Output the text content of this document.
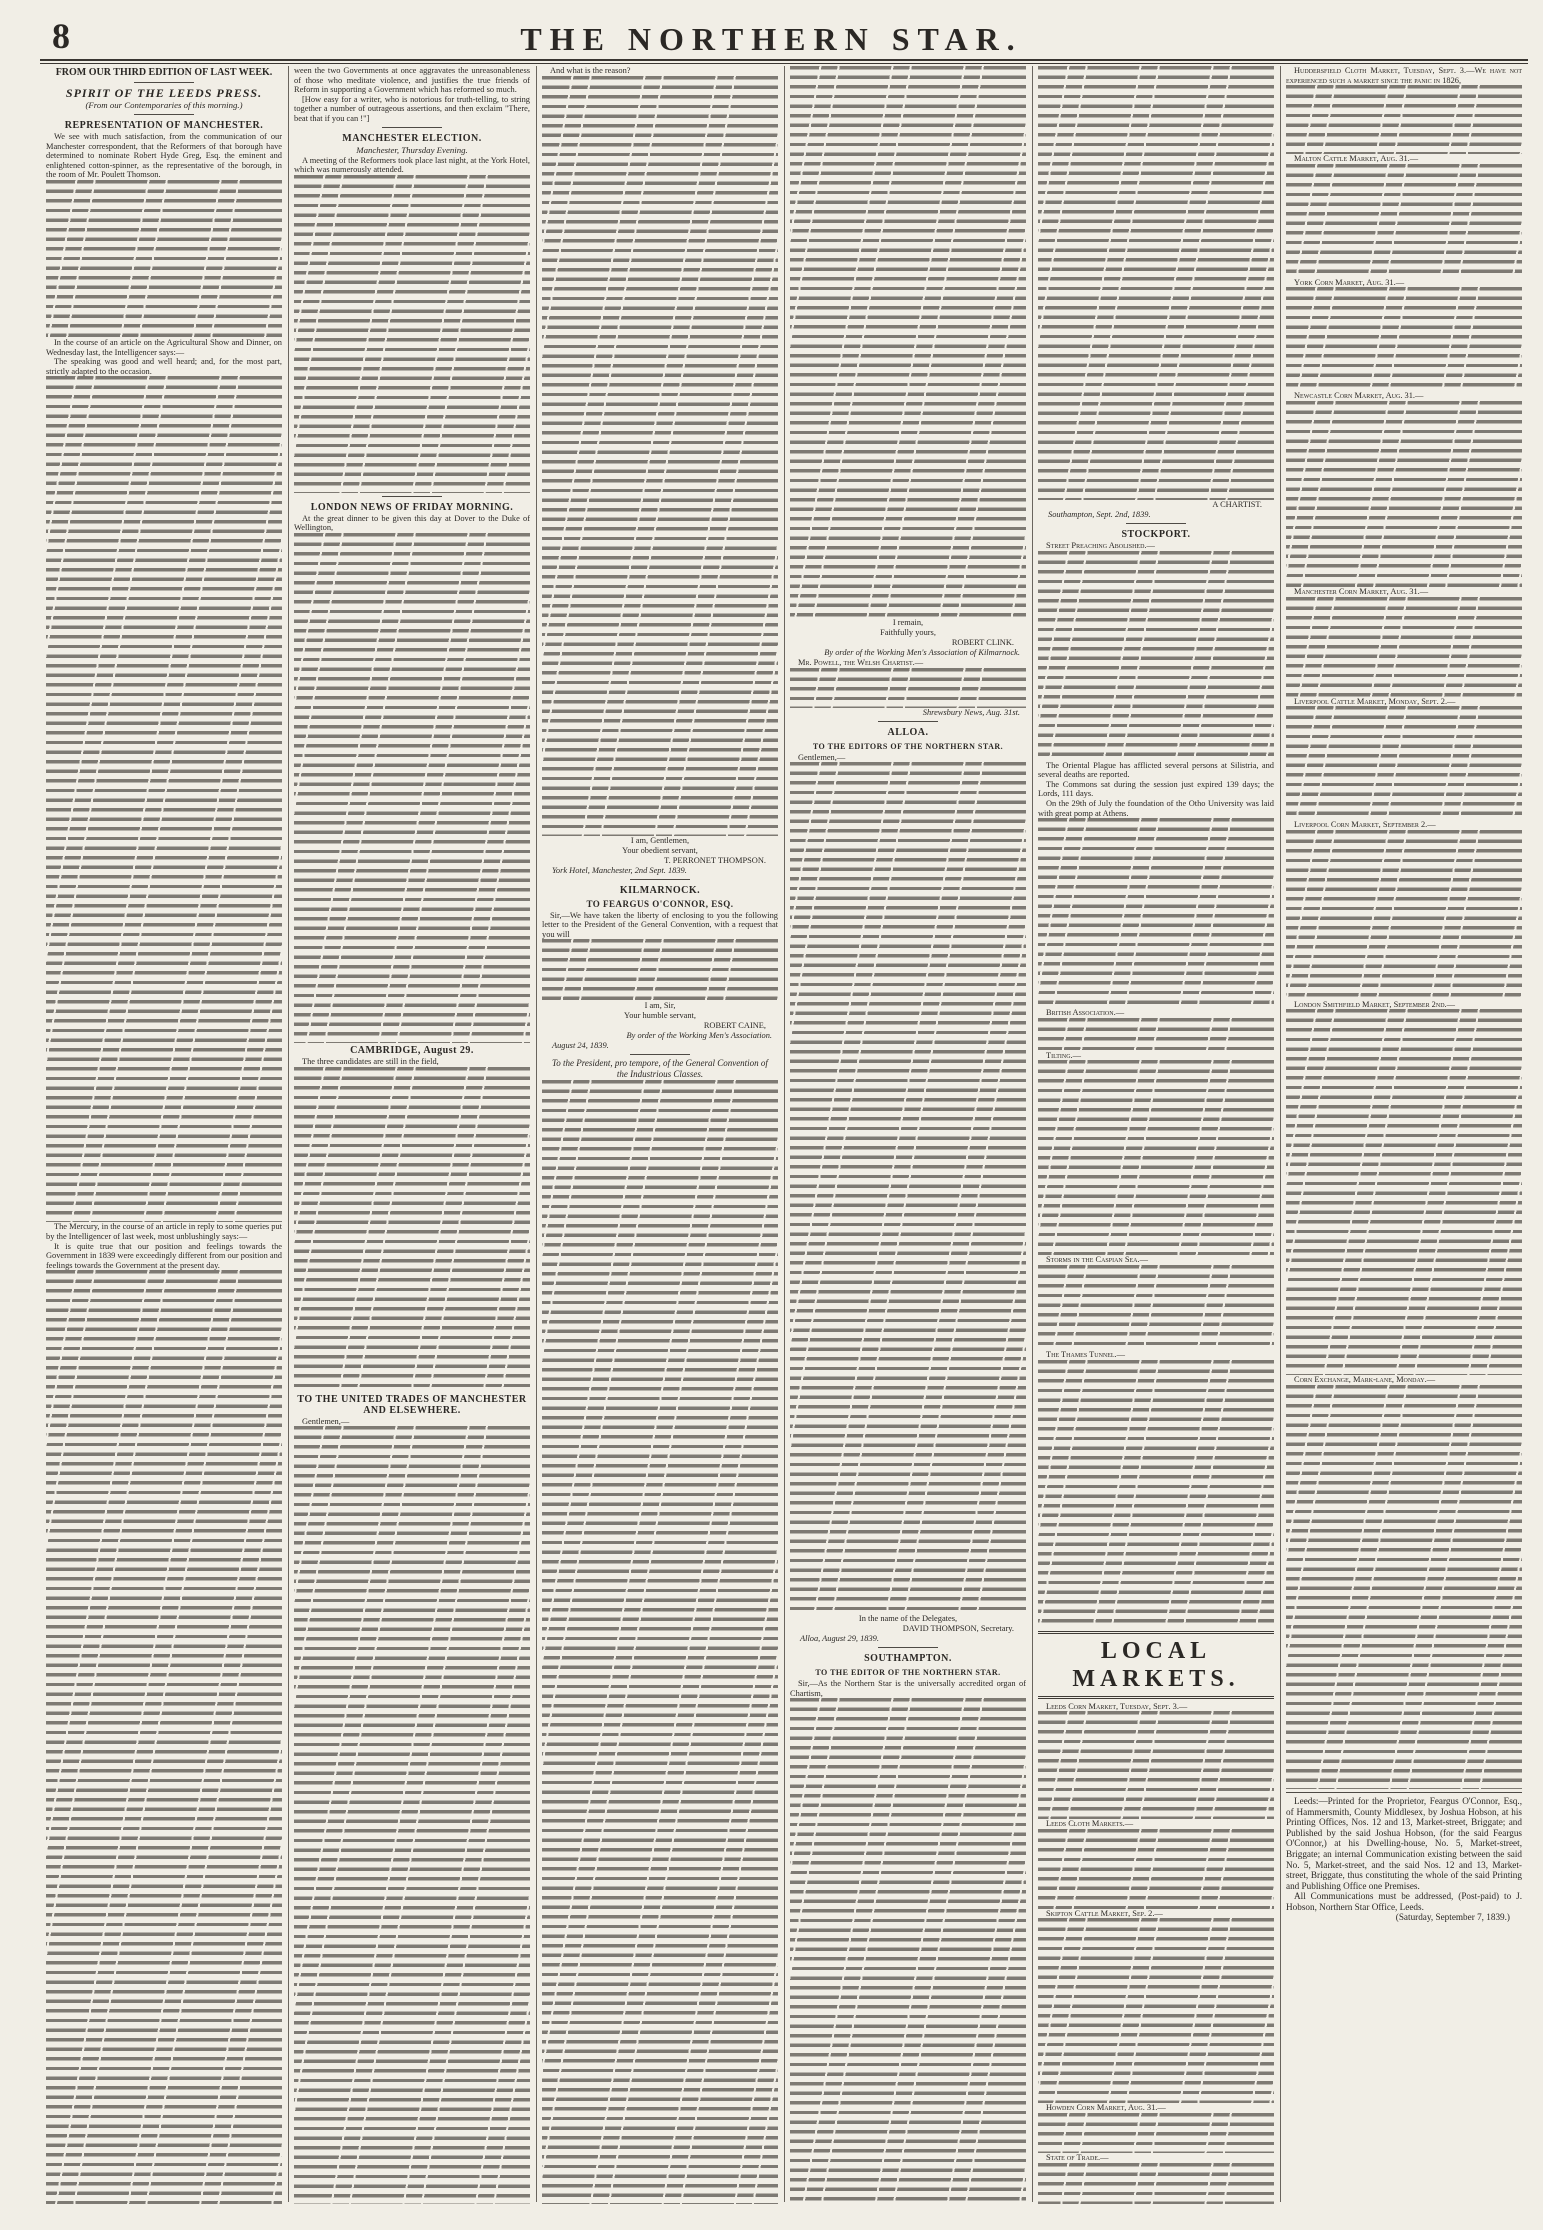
8	THE NORTHERN STAR.
FROM OUR THIRD EDITION OF LAST WEEK.
SPIRIT OF THE LEEDS PRESS.
(From our Contemporaries of this morning.)
REPRESENTATION OF MANCHESTER.

We see with much satisfaction, from the communication of our Manchester correspondent, that the Reformers of that borough have determined to nominate Robert Hyde Greg, Esq. the eminent and enlightened cotton-spinner, as the representative of the borough, in the room of Mr. Poulett Thomson.

In the course of an article on the Agricultural Show and Dinner, on Wednesday last, the Intelligencer says:—

The speaking was good and well heard; and, for the most part, strictly adapted to the occasion.

The Mercury, in the course of an article in reply to some queries put by the Intelligencer of last week, most unblushingly says:—

It is quite true that our position and feelings towards the Government in 1839 were exceedingly different from our position and feelings towards the Government at the present day.

ween the two Governments at once aggravates the unreasonableness of those who meditate violence, and justifies the true friends of Reform in supporting a Government which has reformed so much.

[How easy for a writer, who is notorious for truth-telling, to string together a number of outrageous assertions, and then exclaim "There, beat that if you can !"]

MANCHESTER ELECTION.
Manchester, Thursday Evening.

A meeting of the Reformers took place last night, at the York Hotel, which was numerously attended.

LONDON NEWS OF FRIDAY MORNING.

At the great dinner to be given this day at Dover to the Duke of Wellington,

CAMBRIDGE, August 29.

The three candidates are still in the field,

TO THE UNITED TRADES OF MANCHESTER AND ELSEWHERE.

Gentlemen,—

And what is the reason?

I am, Gentlemen,
Your obedient servant,
T. PERRONET THOMPSON.
York Hotel, Manchester, 2nd Sept. 1839.
KILMARNOCK.
TO FEARGUS O'CONNOR, ESQ.

Sir,—We have taken the liberty of enclosing to you the following letter to the President of the General Convention, with a request that you will

I am, Sir,
Your humble servant,
ROBERT CAINE,
By order of the Working Men's Association.
August 24, 1839.
To the President, pro tempore, of the General Convention of the Industrious Classes.
I remain,
Faithfully yours,
ROBERT CLINK.
By order of the Working Men's Association of Kilmarnock.

Mr. Powell, the Welsh Chartist.—

Shrewsbury News, Aug. 31st.
ALLOA.
TO THE EDITORS OF THE NORTHERN STAR.

Gentlemen,—

In the name of the Delegates,
DAVID THOMPSON, Secretary.
Alloa, August 29, 1839.
SOUTHAMPTON.
TO THE EDITOR OF THE NORTHERN STAR.

Sir,—As the Northern Star is the universally accredited organ of Chartism,

A CHARTIST.
Southampton, Sept. 2nd, 1839.
STOCKPORT.

Street Preaching Abolished.—

The Oriental Plague has afflicted several persons at Silistria, and several deaths are reported.

The Commons sat during the session just expired 139 days; the Lords, 111 days.

On the 29th of July the foundation of the Otho University was laid with great pomp at Athens.

British Association.—

Tilting.—

Storms in the Caspian Sea.—

The Thames Tunnel.—

LOCAL MARKETS.

Leeds Corn Market, Tuesday, Sept. 3.—

Leeds Cloth Markets.—

Skipton Cattle Market, Sep. 2.—

Howden Corn Market, Aug. 31.—

State of Trade.—

Huddersfield Cloth Market, Tuesday, Sept. 3.—We have not experienced such a market since the panic in 1826,

Malton Cattle Market, Aug. 31.—

York Corn Market, Aug. 31.—

Newcastle Corn Market, Aug. 31.—

Manchester Corn Market, Aug. 31.—

Liverpool Cattle Market, Monday, Sept. 2.—

Liverpool Corn Market, September 2.—

London Smithfield Market, September 2nd.—

Corn Exchange, Mark-lane, Monday.—

Leeds:—Printed for the Proprietor, Feargus O'Connor, Esq., of Hammersmith, County Middlesex, by Joshua Hobson, at his Printing Offices, Nos. 12 and 13, Market-street, Briggate; and Published by the said Joshua Hobson, (for the said Feargus O'Connor,) at his Dwelling-house, No. 5, Market-street, Briggate; an internal Communication existing between the said No. 5, Market-street, and the said Nos. 12 and 13, Market-street, Briggate, thus constituting the whole of the said Printing and Publishing Office one Premises.

All Communications must be addressed, (Post-paid) to J. Hobson, Northern Star Office, Leeds.

(Saturday, September 7, 1839.)
